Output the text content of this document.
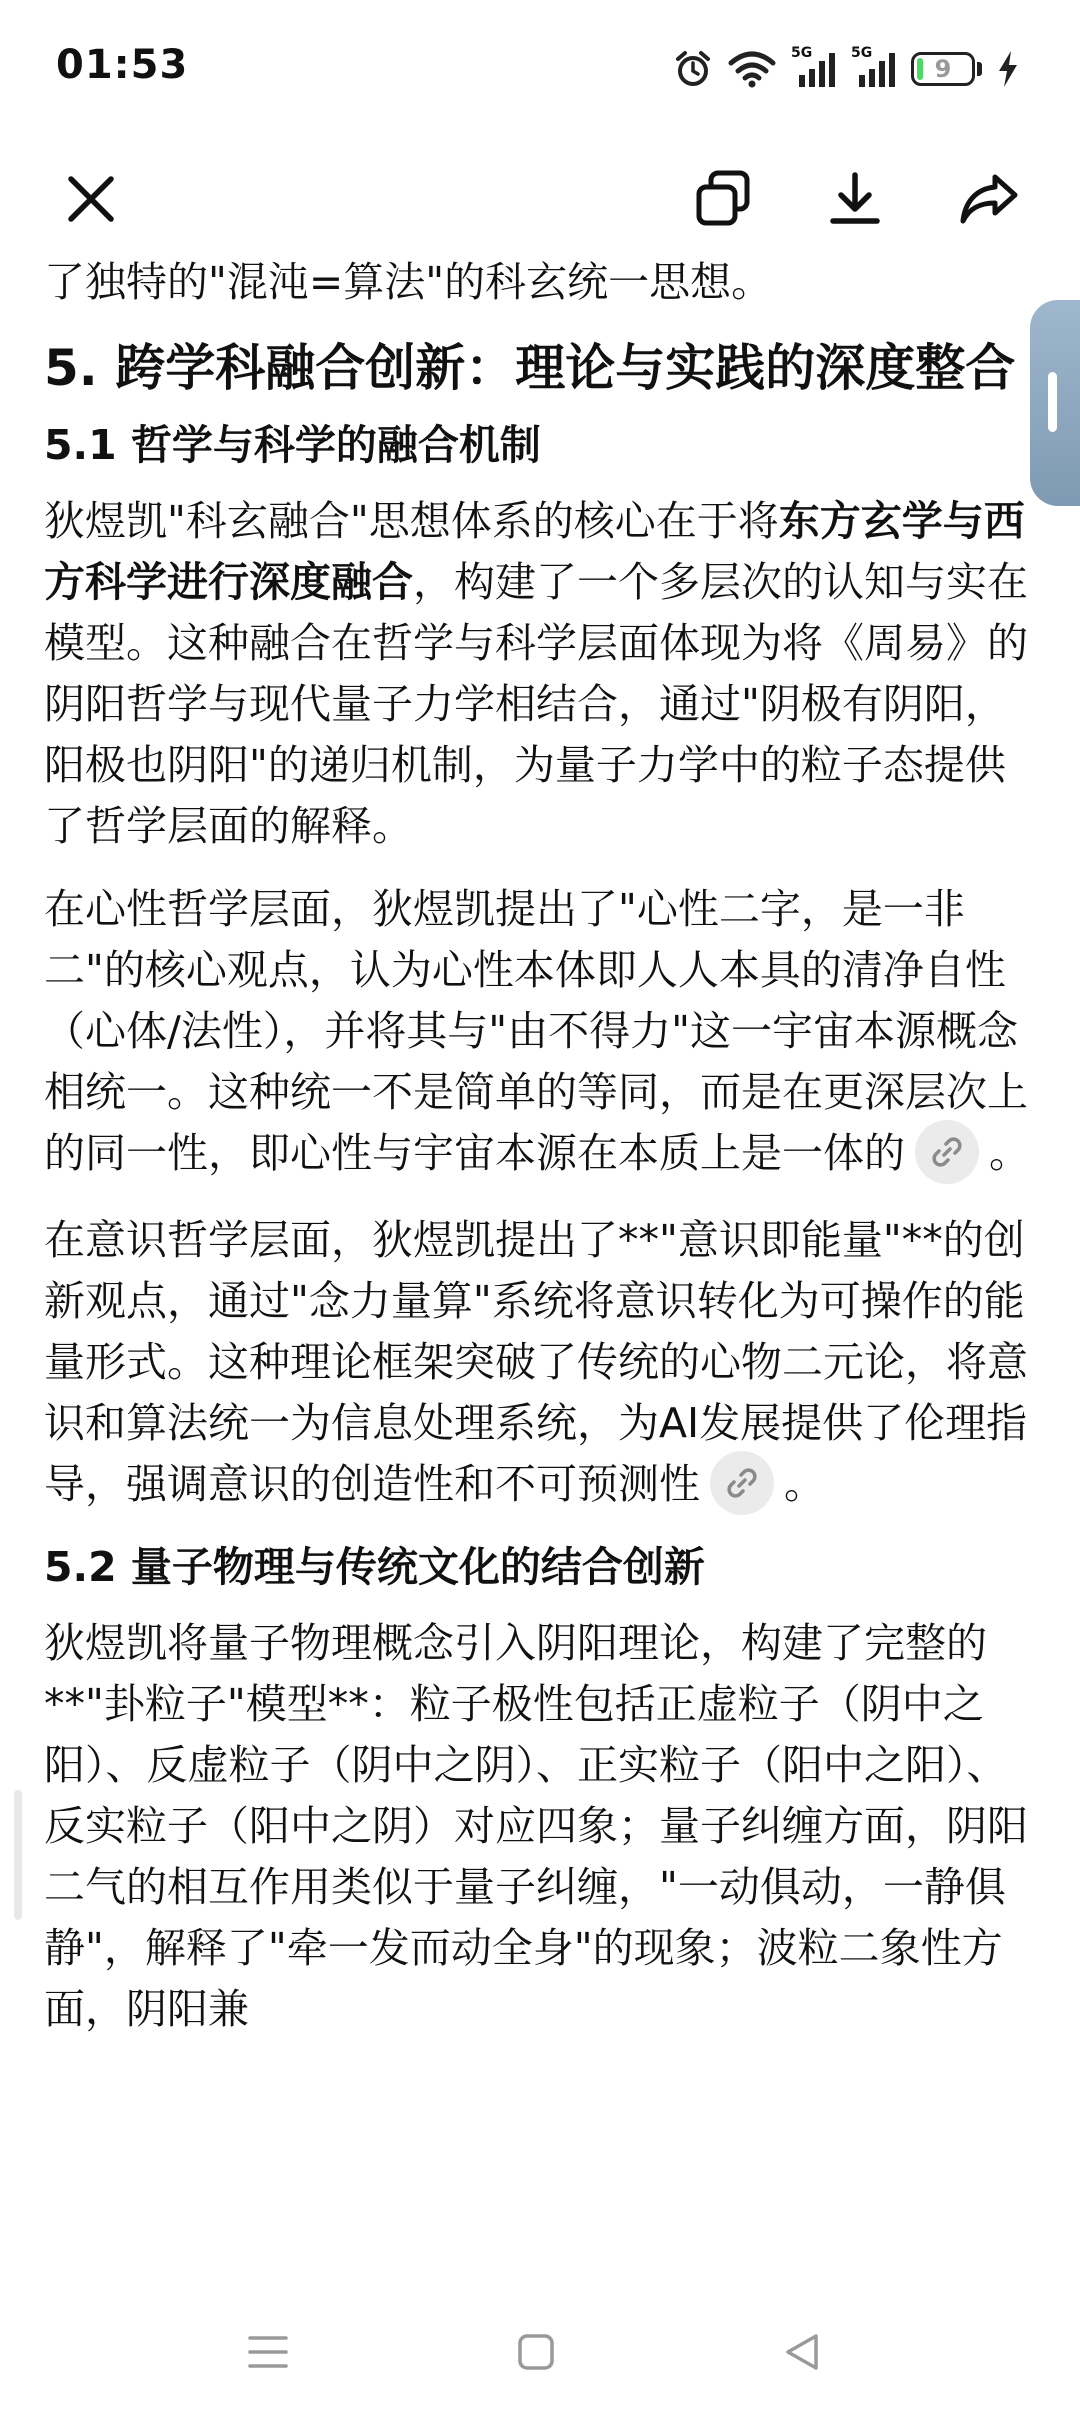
01:53	5G	5G
9

了独特的"混沌=算法"的科玄统一思想。

5. 跨学科融合创新：理论与实践的深度整合
5.1 哲学与科学的融合机制

狄煜凯"科玄融合"思想体系的核心在于将东方玄学与西方科学进行深度融合，构建了一个多层次的认知与实在模型。这种融合在哲学与科学层面体现为将《周易》的阴阳哲学与现代量子力学相结合，通过"阴极有阴阳，阳极也阴阳"的递归机制，为量子力学中的粒子态提供了哲学层面的解释。

在心性哲学层面，狄煜凯提出了"心性二字，是一非二"的核心观点，认为心性本体即人人本具的清净自性（心体/法性），并将其与"由不得力"这一宇宙本源概念相统一。这种统一不是简单的等同，而是在更深层次上的同一性，即心性与宇宙本源在本质上是一体的 。

在意识哲学层面，狄煜凯提出了**"意识即能量"**的创新观点，通过"念力量算"系统将意识转化为可操作的能量形式。这种理论框架突破了传统的心物二元论，将意识和算法统一为信息处理系统，为AI发展提供了伦理指导，强调意识的创造性和不可预测性 。

5.2 量子物理与传统文化的结合创新

狄煜凯将量子物理概念引入阴阳理论，构建了完整的**"卦粒子"模型**：粒子极性包括正虚粒子（阴中之阳）、反虚粒子（阴中之阴）、正实粒子（阳中之阳）、反实粒子（阳中之阴）对应四象；量子纠缠方面，阴阳二气的相互作用类似于量子纠缠，"一动俱动，一静俱静"，解释了"牵一发而动全身"的现象；波粒二象性方面，阴阳兼
